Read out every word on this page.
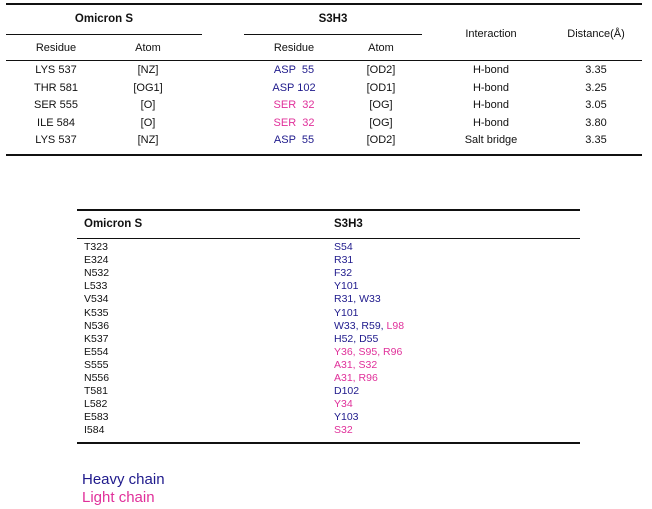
Omicron S	S3H3
Interaction	Distance(Å)
Residue	Atom	Residue	Atom
LYS 537	[NZ]	ASP  55	[OD2]	H-bond	3.35
THR 581	[OG1]	ASP 102	[OD1]	H-bond	3.25
SER 555	[O]	SER  32	[OG]	H-bond	3.05
ILE 584	[O]	SER  32	[OG]	H-bond	3.80
LYS 537	[NZ]	ASP  55	[OD2]	Salt bridge	3.35
Omicron S	S3H3
T323	S54
E324	R31
N532	F32
L533	Y101
V534	R31, W33
K535	Y101
N536	W33, R59, L98
K537	H52, D55
E554	Y36, S95, R96
S555	A31, S32
N556	A31, R96
T581	D102
L582	Y34
E583	Y103
I584	S32
Heavy chain
Light chain
